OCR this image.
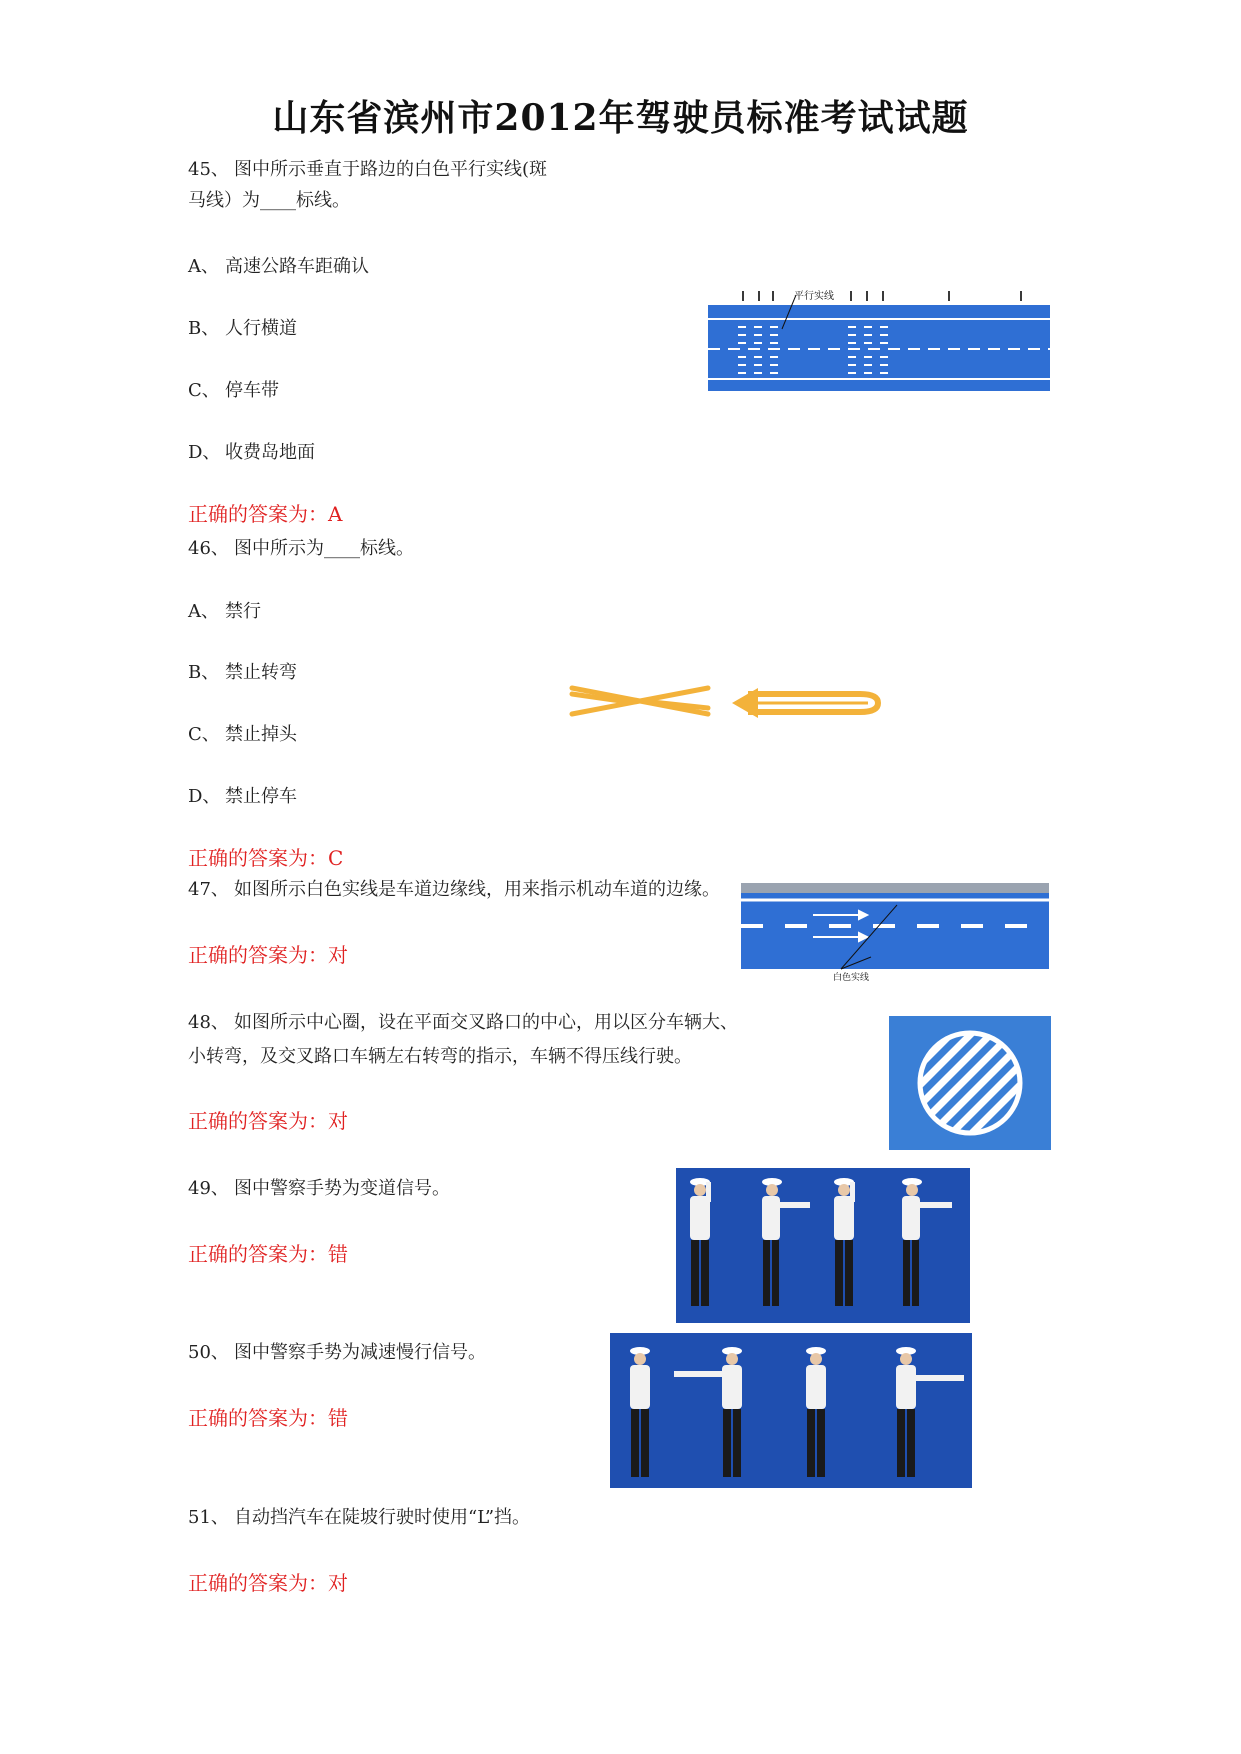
山东省滨州市2012年驾驶员标准考试试题
45、 图中所示垂直于路边的白色平行实线(斑
马线）为____标线。
A、 高速公路车距确认
B、 人行横道
C、 停车带
D、 收费岛地面
正确的答案为：A
平行实线
46、 图中所示为____标线。
A、 禁行
B、 禁止转弯
C、 禁止掉头
D、 禁止停车
正确的答案为：C
47、 如图所示白色实线是车道边缘线，用来指示机动车道的边缘。
正确的答案为：对
白色实线
48、 如图所示中心圈，设在平面交叉路口的中心，用以区分车辆大、
小转弯，及交叉路口车辆左右转弯的指示，车辆不得压线行驶。
正确的答案为：对
49、 图中警察手势为变道信号。
正确的答案为：错
50、 图中警察手势为减速慢行信号。
正确的答案为：错
51、 自动挡汽车在陡坡行驶时使用“L”挡。
正确的答案为：对
